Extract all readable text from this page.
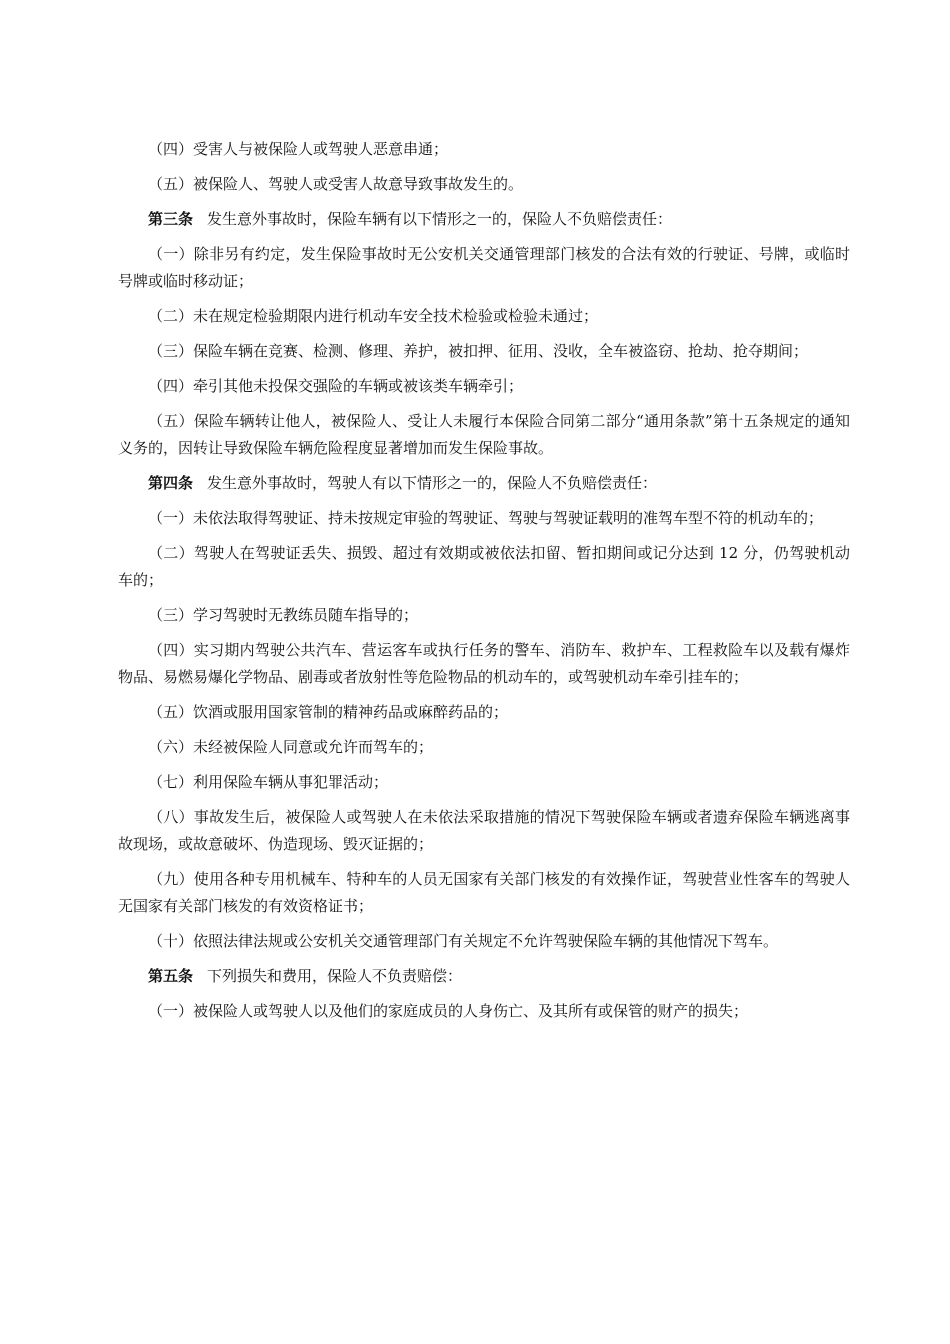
（四）受害人与被保险人或驾驶人恶意串通；

（五）被保险人、驾驶人或受害人故意导致事故发生的。

第三条 发生意外事故时，保险车辆有以下情形之一的，保险人不负赔偿责任：

（一）除非另有约定，发生保险事故时无公安机关交通管理部门核发的合法有效的行驶证、号牌，或临时号牌或临时移动证；

（二）未在规定检验期限内进行机动车安全技术检验或检验未通过；

（三）保险车辆在竞赛、检测、修理、养护，被扣押、征用、没收，全车被盗窃、抢劫、抢夺期间；

（四）牵引其他未投保交强险的车辆或被该类车辆牵引；

（五）保险车辆转让他人，被保险人、受让人未履行本保险合同第二部分“通用条款”第十五条规定的通知义务的，因转让导致保险车辆危险程度显著增加而发生保险事故。

第四条 发生意外事故时，驾驶人有以下情形之一的，保险人不负赔偿责任：

（一）未依法取得驾驶证、持未按规定审验的驾驶证、驾驶与驾驶证载明的准驾车型不符的机动车的；

（二）驾驶人在驾驶证丢失、损毁、超过有效期或被依法扣留、暂扣期间或记分达到 12 分，仍驾驶机动车的；

（三）学习驾驶时无教练员随车指导的；

（四）实习期内驾驶公共汽车、营运客车或执行任务的警车、消防车、救护车、工程救险车以及载有爆炸物品、易燃易爆化学物品、剧毒或者放射性等危险物品的机动车的，或驾驶机动车牵引挂车的；

（五）饮酒或服用国家管制的精神药品或麻醉药品的；

（六）未经被保险人同意或允许而驾车的；

（七）利用保险车辆从事犯罪活动；

（八）事故发生后，被保险人或驾驶人在未依法采取措施的情况下驾驶保险车辆或者遗弃保险车辆逃离事故现场，或故意破坏、伪造现场、毁灭证据的；

（九）使用各种专用机械车、特种车的人员无国家有关部门核发的有效操作证，驾驶营业性客车的驾驶人无国家有关部门核发的有效资格证书；

（十）依照法律法规或公安机关交通管理部门有关规定不允许驾驶保险车辆的其他情况下驾车。

第五条 下列损失和费用，保险人不负责赔偿：

（一）被保险人或驾驶人以及他们的家庭成员的人身伤亡、及其所有或保管的财产的损失；
